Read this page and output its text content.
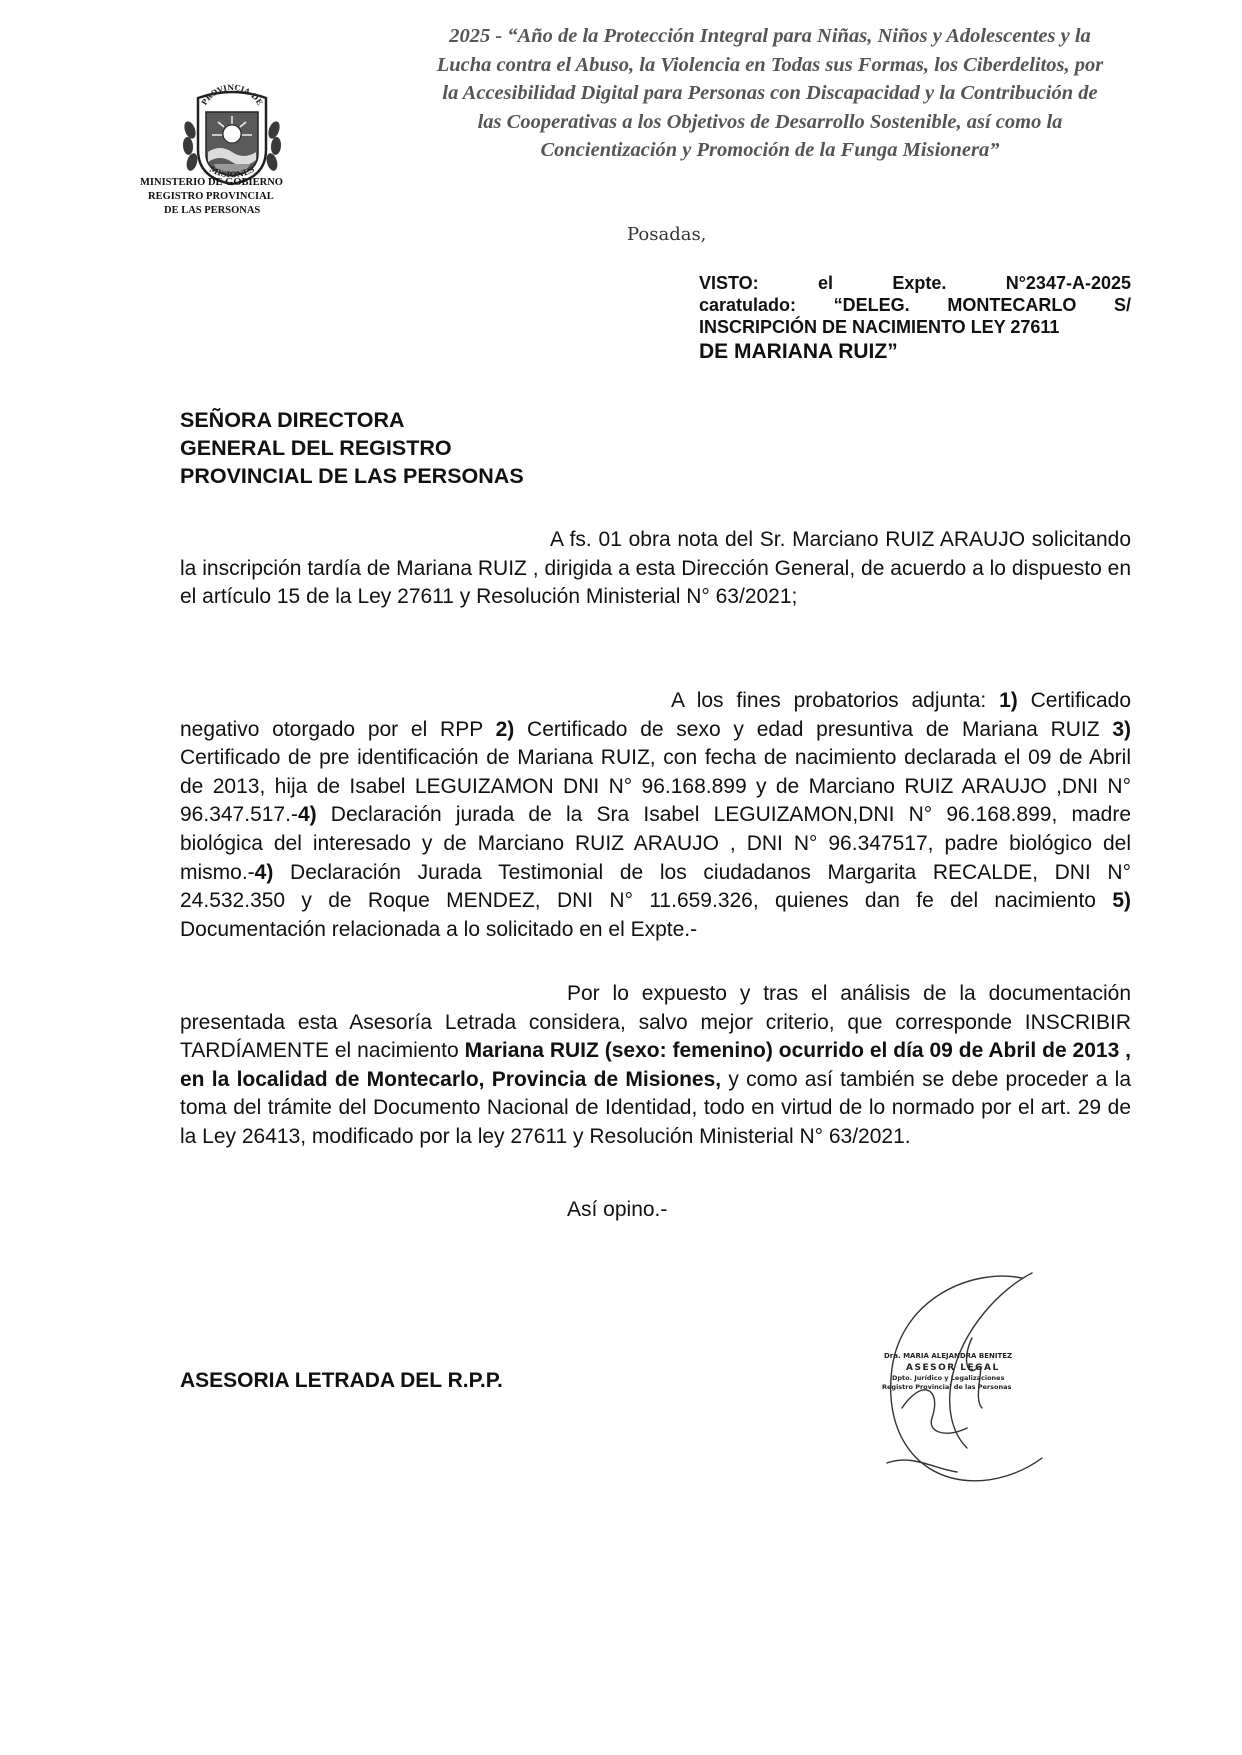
PROVINCIA DE
MISIONES
MINISTERIO DE GOBIERNO
REGISTRO PROVINCIAL
DE LAS PERSONAS
2025 - “Año de la Protección Integral para Niñas, Niños y Adolescentes y la
Lucha contra el Abuso, la Violencia en Todas sus Formas, los Ciberdelitos, por
la Accesibilidad Digital para Personas con Discapacidad y la Contribución de
las Cooperativas a los Objetivos de Desarrollo Sostenible, así como la
Concientización y Promoción de la Funga Misionera”
Posadas,
VISTO: el Expte. N°2347-A-2025
caratulado: “DELEG. MONTECARLO S/
INSCRIPCIÓN DE NACIMIENTO LEY 27611
DE MARIANA RUIZ”
SEÑORA DIRECTORA
GENERAL DEL REGISTRO
PROVINCIAL DE LAS PERSONAS
A fs. 01 obra nota del Sr. Marciano RUIZ ARAUJO solicitando la inscripción tardía de Mariana RUIZ , dirigida a esta Dirección General, de acuerdo a lo dispuesto en el artículo 15 de la Ley 27611 y Resolución Ministerial N° 63/2021;
A los fines probatorios adjunta: 1) Certificado negativo otorgado por el RPP 2) Certificado de sexo y edad presuntiva de Mariana RUIZ 3) Certificado de pre identificación de Mariana RUIZ, con fecha de nacimiento declarada el 09 de Abril de 2013, hija de Isabel LEGUIZAMON DNI N° 96.168.899 y de Marciano RUIZ ARAUJO ,DNI N° 96.347.517.-4) Declaración jurada de la Sra Isabel LEGUIZAMON,DNI N° 96.168.899, madre biológica del interesado y de Marciano RUIZ ARAUJO , DNI N° 96.347517, padre biológico del mismo.-4) Declaración Jurada Testimonial de los ciudadanos Margarita RECALDE, DNI N° 24.532.350 y de Roque MENDEZ, DNI N° 11.659.326, quienes dan fe del nacimiento 5) Documentación relacionada a lo solicitado en el Expte.-
Por lo expuesto y tras el análisis de la documentación presentada esta Asesoría Letrada considera, salvo mejor criterio, que corresponde INSCRIBIR TARDÍAMENTE el nacimiento Mariana RUIZ (sexo: femenino) ocurrido el día 09 de Abril de 2013 , en la localidad de Montecarlo, Provincia de Misiones, y como así también se debe proceder a la toma del trámite del Documento Nacional de Identidad, todo en virtud de lo normado por el art. 29 de la Ley 26413, modificado por la ley 27611 y Resolución Ministerial N° 63/2021.
Así opino.-
ASESORIA LETRADA DEL R.P.P.
Dra. MARIA ALEJANDRA BENITEZ
ASESOR LEGAL
Dpto. Jurídico y Legalizaciones
Registro Provincial de las Personas
